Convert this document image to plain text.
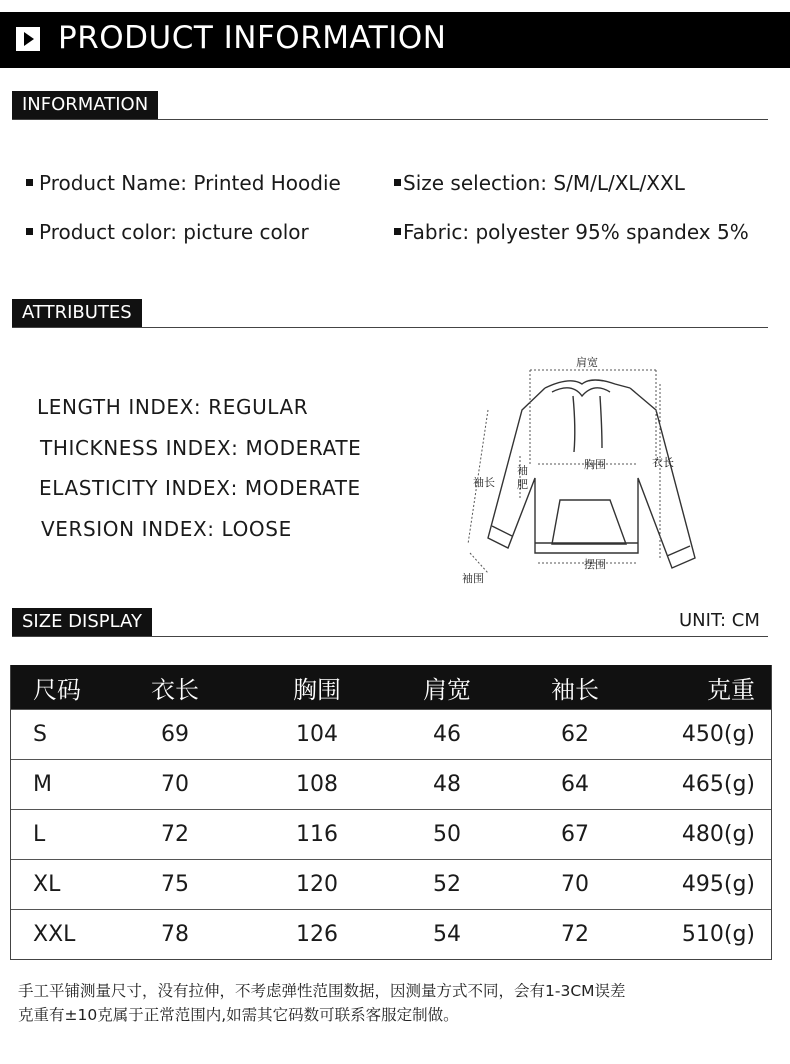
PRODUCT INFORMATION
INFORMATION
Product Name: Printed Hoodie	Size selection: S/M/L/XL/XXL
Product color: picture color	Fabric: polyester 95% spandex 5%
ATTRIBUTES
LENGTH INDEX: REGULAR
THICKNESS INDEX: MODERATE
ELASTICITY INDEX: MODERATE
VERSION INDEX: LOOSE
肩宽
胸围	衣长
袖长
袖
肥
摆围
袖围
SIZE DISPLAY	UNIT: CM
尺码	衣长	胸围	肩宽	袖长	克重
S	69	104	46	62	450(g)
M	70	108	48	64	465(g)
L	72	116	50	67	480(g)
XL	75	120	52	70	495(g)
XXL	78	126	54	72	510(g)
手工平铺测量尺寸，没有拉伸，不考虑弹性范围数据，因测量方式不同，会有1-3CM误差
克重有±10克属于正常范围内,如需其它码数可联系客服定制做。
